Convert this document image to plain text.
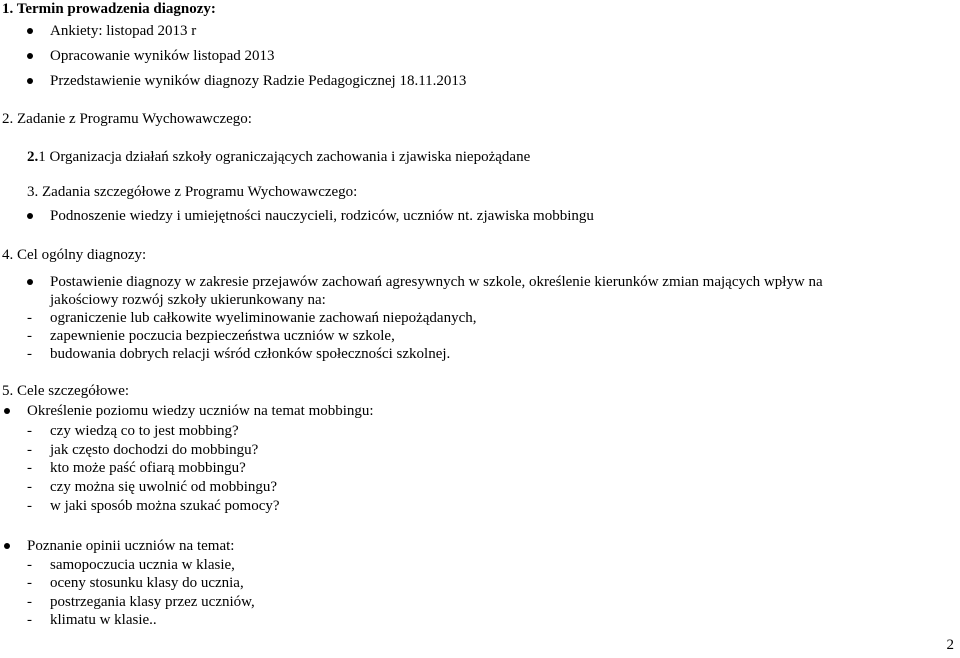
1. Termin prowadzenia diagnozy:
Ankiety: listopad 2013 r
Opracowanie wyników listopad 2013
Przedstawienie wyników diagnozy Radzie Pedagogicznej 18.11.2013
2. Zadanie z Programu Wychowawczego:
2.1 Organizacja działań szkoły ograniczających zachowania i zjawiska niepożądane
3. Zadania szczegółowe z Programu Wychowawczego:
Podnoszenie wiedzy i umiejętności nauczycieli, rodziców, uczniów nt. zjawiska mobbingu
4. Cel ogólny diagnozy:
Postawienie diagnozy w zakresie przejawów zachowań agresywnych w szkole, określenie kierunków zmian mających wpływ na
jakościowy rozwój szkoły ukierunkowany na:
- ograniczenie lub całkowite wyeliminowanie zachowań niepożądanych,
- zapewnienie poczucia bezpieczeństwa uczniów w szkole,
- budowania dobrych relacji wśród członków społeczności szkolnej.
5. Cele szczegółowe:
Określenie poziomu wiedzy uczniów na temat mobbingu:
- czy wiedzą co to jest mobbing?
- jak często dochodzi do mobbingu?
- kto może paść ofiarą mobbingu?
- czy można się uwolnić od mobbingu?
- w jaki sposób można szukać pomocy?
Poznanie opinii uczniów na temat:
- samopoczucia ucznia w klasie,
- oceny stosunku klasy do ucznia,
- postrzegania klasy przez uczniów,
- klimatu w klasie..
2
